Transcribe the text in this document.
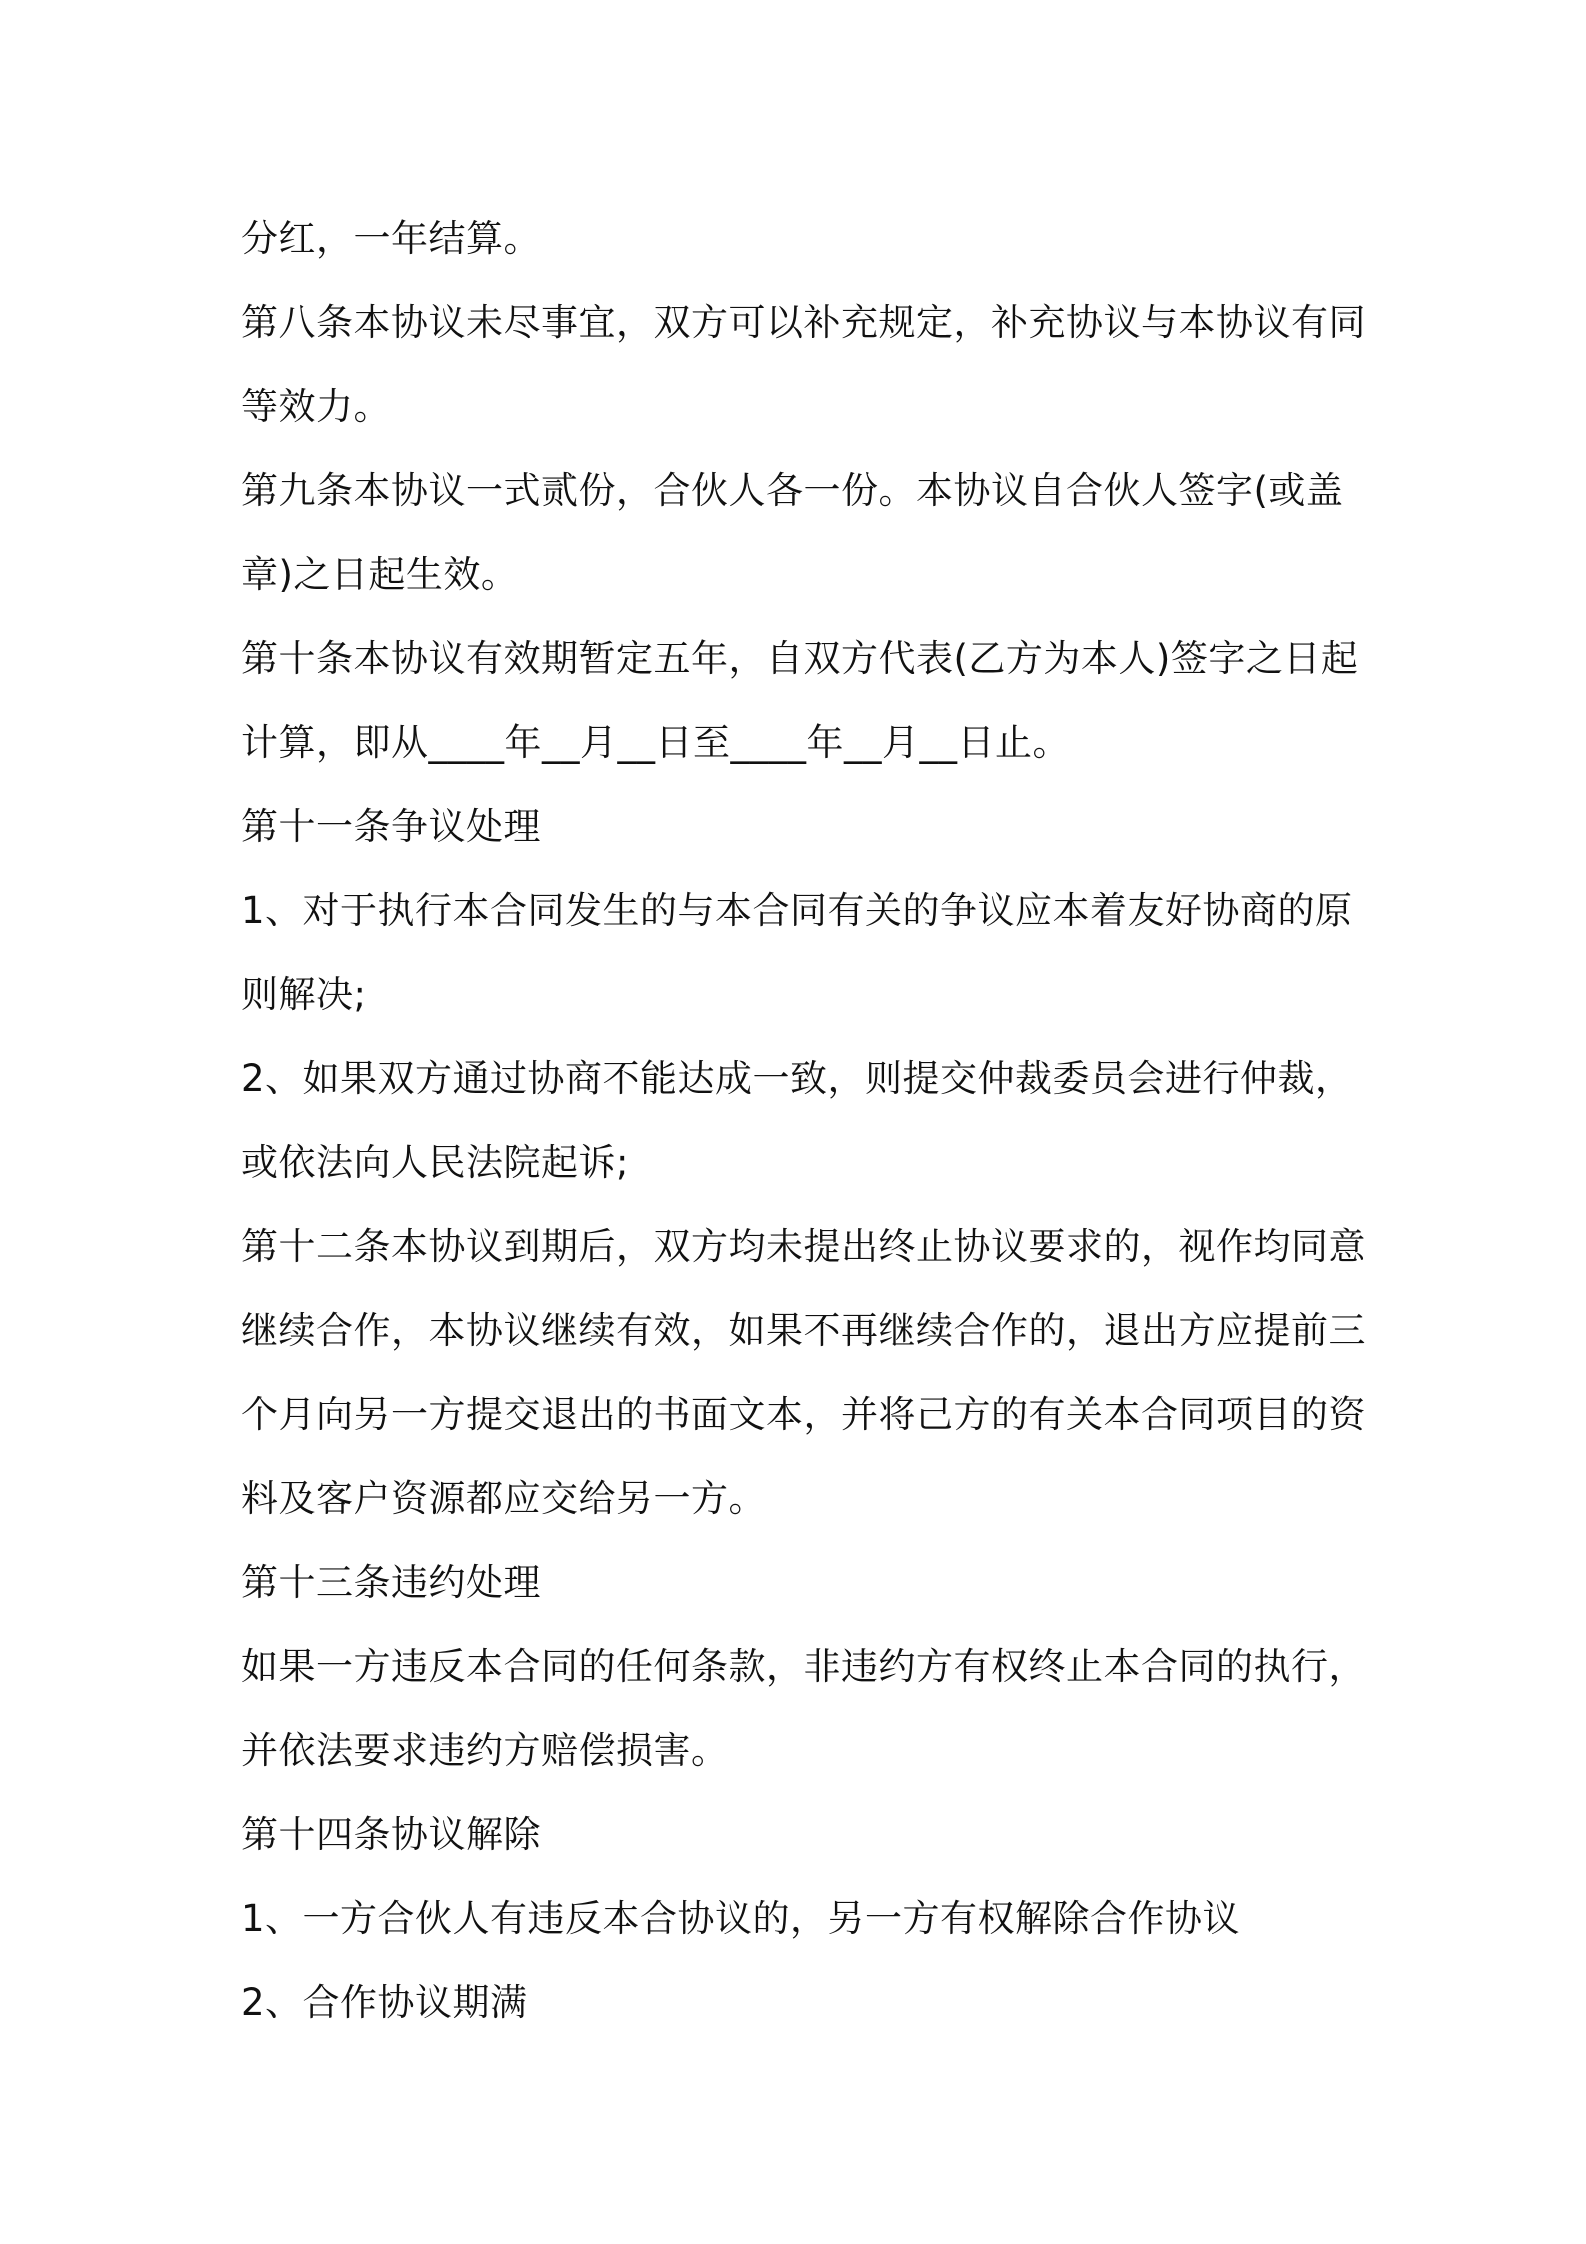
分红，一年结算。
第八条本协议未尽事宜，双方可以补充规定，补充协议与本协议有同
等效力。
第九条本协议一式贰份，合伙人各一份。本协议自合伙人签字(或盖
章)之日起生效。
第十条本协议有效期暂定五年，自双方代表(乙方为本人)签字之日起
计算，即从____年__月__日至____年__月__日止。
第十一条争议处理
1、对于执行本合同发生的与本合同有关的争议应本着友好协商的原
则解决;
2、如果双方通过协商不能达成一致，则提交仲裁委员会进行仲裁，
或依法向人民法院起诉;
第十二条本协议到期后，双方均未提出终止协议要求的，视作均同意
继续合作，本协议继续有效，如果不再继续合作的，退出方应提前三
个月向另一方提交退出的书面文本，并将己方的有关本合同项目的资
料及客户资源都应交给另一方。
第十三条违约处理
如果一方违反本合同的任何条款，非违约方有权终止本合同的执行，
并依法要求违约方赔偿损害。
第十四条协议解除
1、一方合伙人有违反本合协议的，另一方有权解除合作协议
2、合作协议期满
